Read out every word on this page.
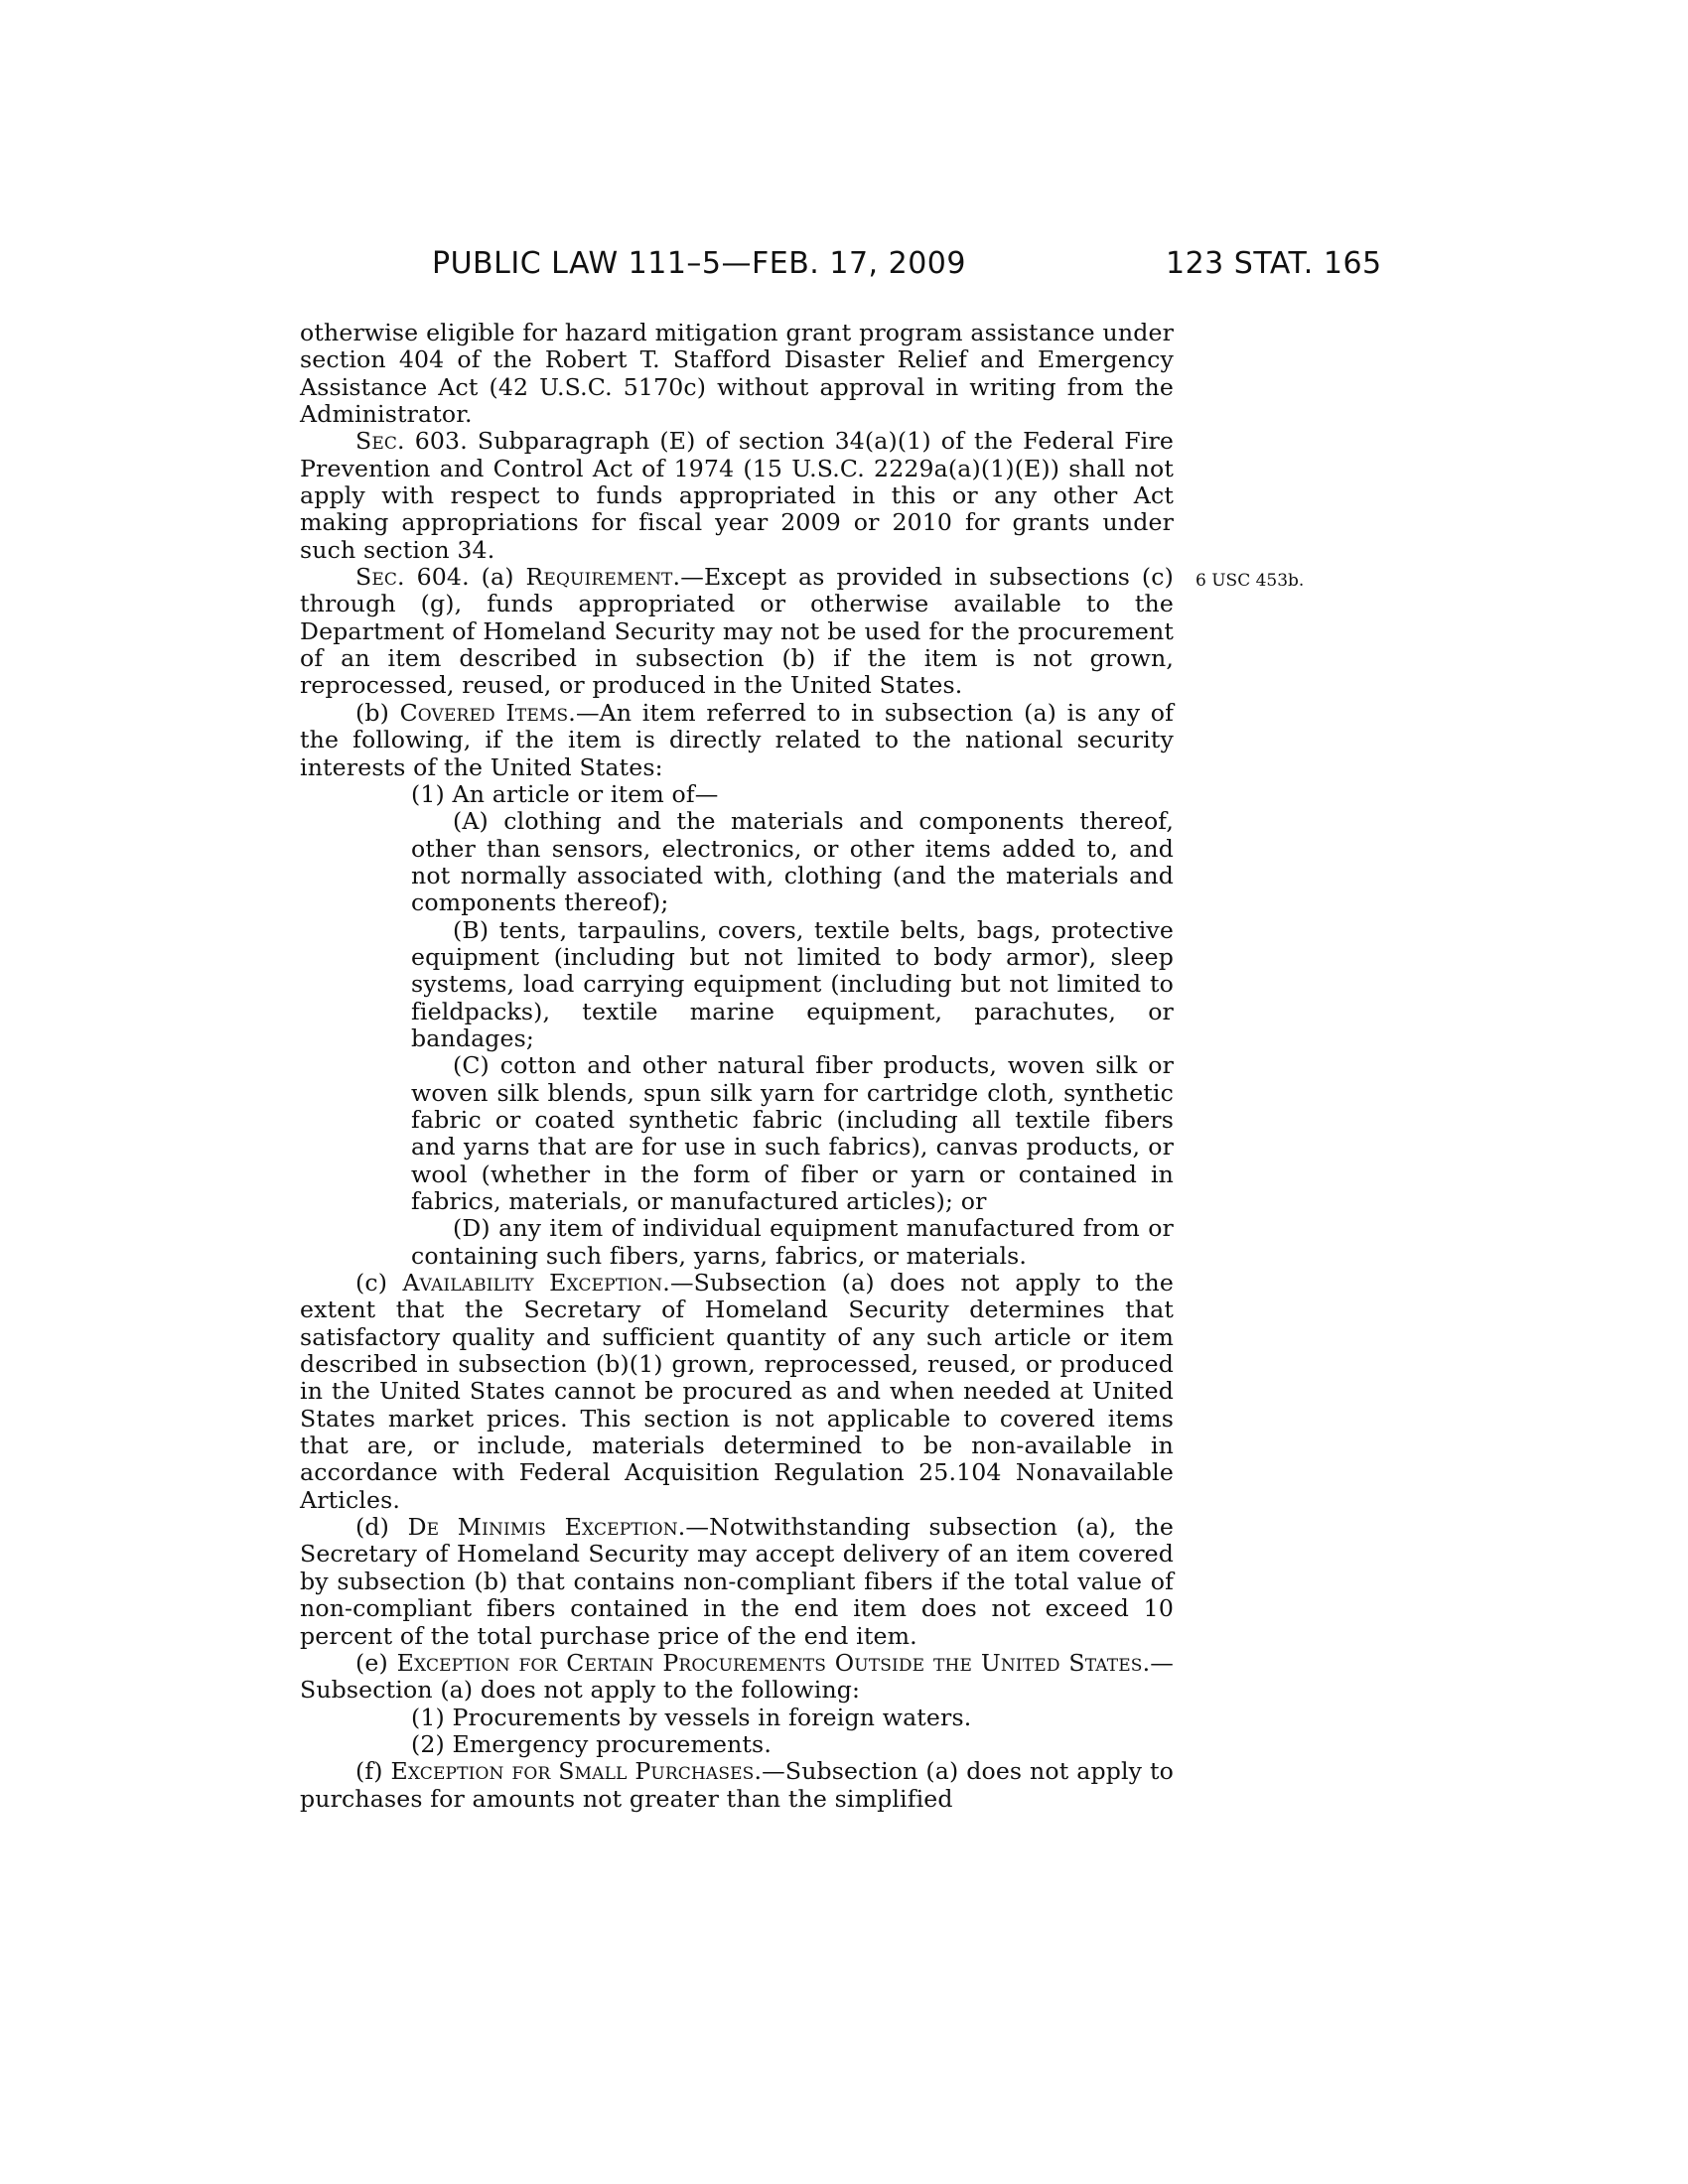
PUBLIC LAW 111–5—FEB. 17, 2009	123 STAT. 165
6 USC 453b.

otherwise eligible for hazard mitigation grant program assistance under section 404 of the Robert T. Stafford Disaster Relief and Emergency Assistance Act (42 U.S.C. 5170c) without approval in writing from the Administrator.

Sec. 603. Subparagraph (E) of section 34(a)(1) of the Federal Fire Prevention and Control Act of 1974 (15 U.S.C. 2229a(a)(1)(E)) shall not apply with respect to funds appropriated in this or any other Act making appropriations for fiscal year 2009 or 2010 for grants under such section 34.

Sec. 604. (a) Requirement.—Except as provided in subsections (c) through (g), funds appropriated or otherwise available to the Department of Homeland Security may not be used for the procurement of an item described in subsection (b) if the item is not grown, reprocessed, reused, or produced in the United States.

(b) Covered Items.—An item referred to in subsection (a) is any of the following, if the item is directly related to the national security interests of the United States:

(1) An article or item of—

(A) clothing and the materials and components thereof, other than sensors, electronics, or other items added to, and not normally associated with, clothing (and the materials and components thereof);

(B) tents, tarpaulins, covers, textile belts, bags, protective equipment (including but not limited to body armor), sleep systems, load carrying equipment (including but not limited to fieldpacks), textile marine equipment, parachutes, or bandages;

(C) cotton and other natural fiber products, woven silk or woven silk blends, spun silk yarn for cartridge cloth, synthetic fabric or coated synthetic fabric (including all textile fibers and yarns that are for use in such fabrics), canvas products, or wool (whether in the form of fiber or yarn or contained in fabrics, materials, or manufactured articles); or

(D) any item of individual equipment manufactured from or containing such fibers, yarns, fabrics, or materials.

(c) Availability Exception.—Subsection (a) does not apply to the extent that the Secretary of Homeland Security determines that satisfactory quality and sufficient quantity of any such article or item described in subsection (b)(1) grown, reprocessed, reused, or produced in the United States cannot be procured as and when needed at United States market prices. This section is not applicable to covered items that are, or include, materials determined to be non-available in accordance with Federal Acquisition Regulation 25.104 Nonavailable Articles.

(d) De Minimis Exception.—Notwithstanding subsection (a), the Secretary of Homeland Security may accept delivery of an item covered by subsection (b) that contains non-compliant fibers if the total value of non-compliant fibers contained in the end item does not exceed 10 percent of the total purchase price of the end item.

(e) Exception for Certain Procurements Outside the United States.—Subsection (a) does not apply to the following:

(1) Procurements by vessels in foreign waters.

(2) Emergency procurements.

(f) Exception for Small Purchases.—Subsection (a) does not apply to purchases for amounts not greater than the simplified
